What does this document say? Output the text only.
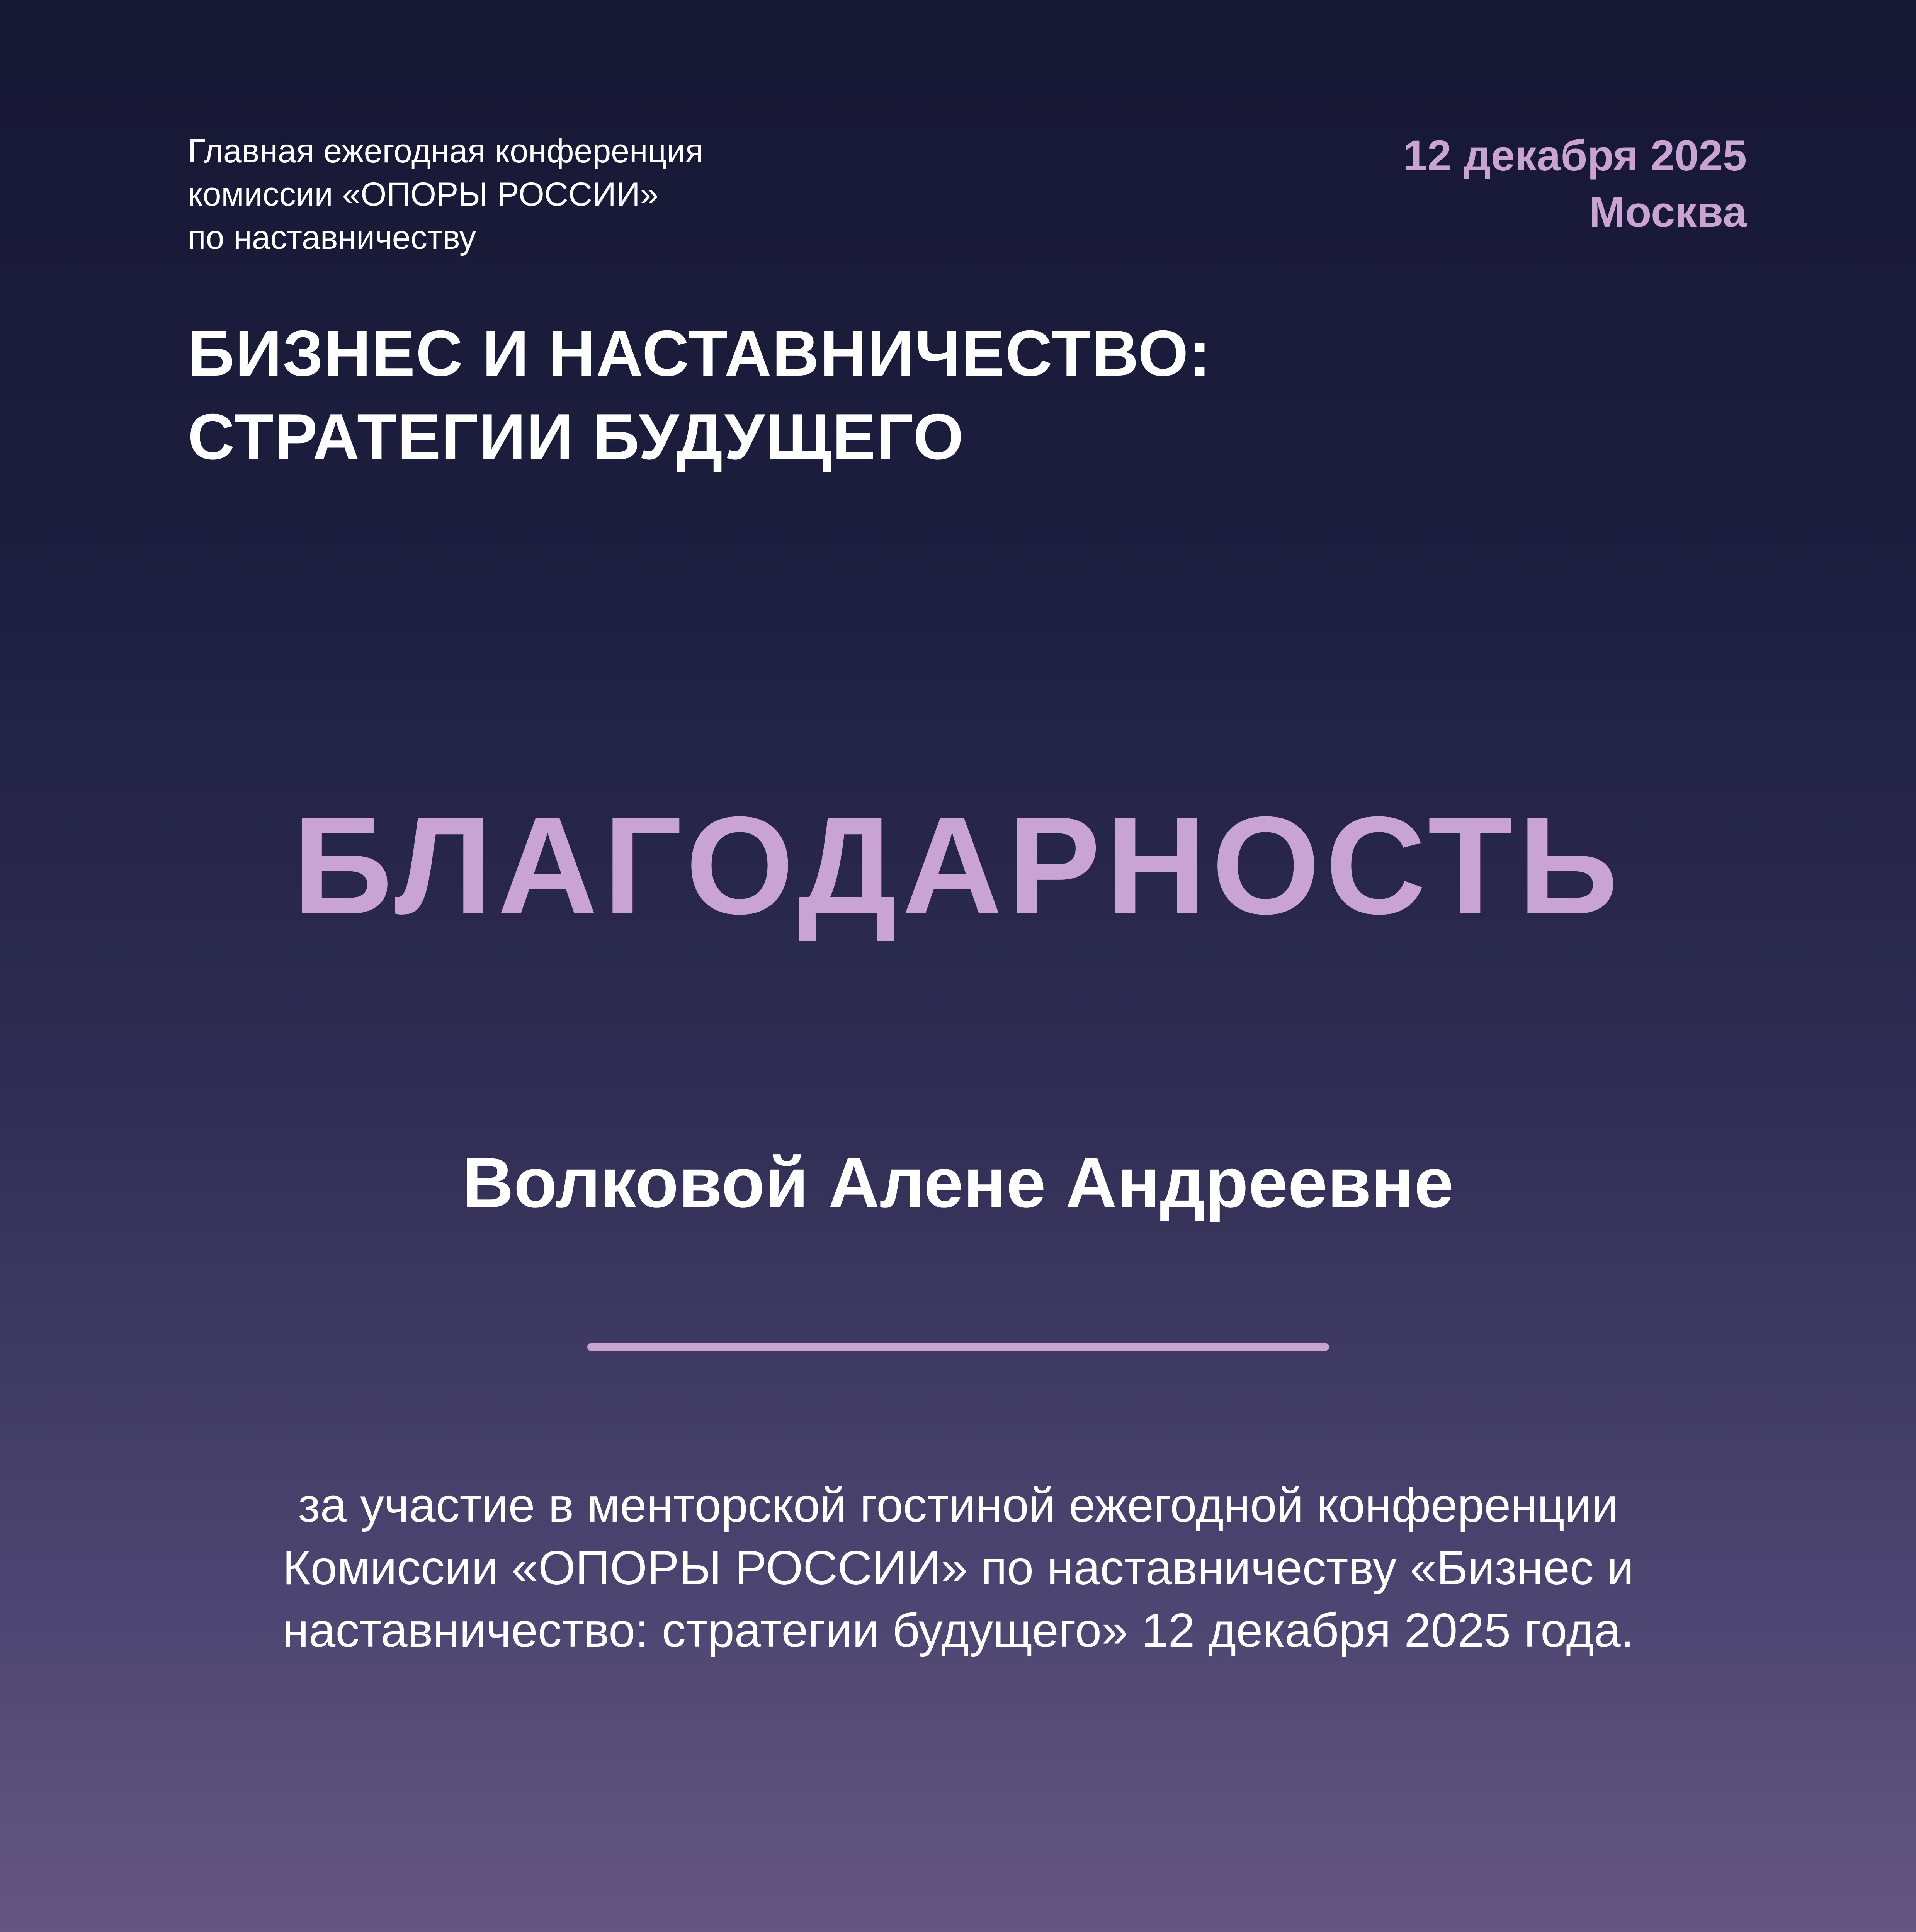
Главная ежегодная конференция
комиссии «ОПОРЫ РОССИИ»
по наставничеству
12 декабря 2025
Москва
БИЗНЕС И НАСТАВНИЧЕСТВО:
СТРАТЕГИИ БУДУЩЕГО
БЛАГОДАРНОСТЬ
Волковой Алене Андреевне
за участие в менторской гостиной ежегодной конференции Комиссии «ОПОРЫ РОССИИ» по наставничеству «Бизнес и наставничество: стратегии будущего» 12 декабря 2025 года.
